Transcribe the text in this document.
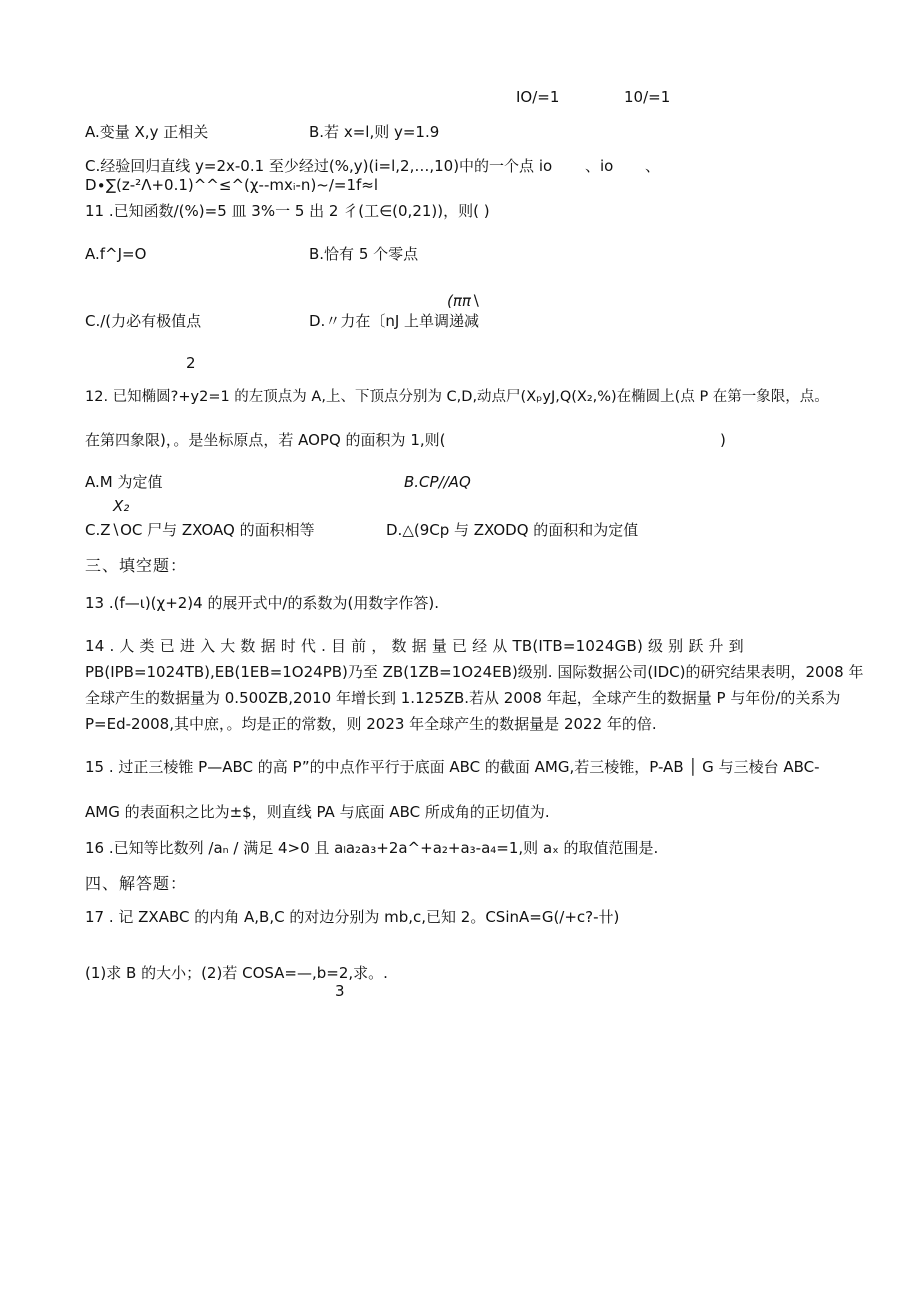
IO/=1	10/=1
A.变量 X,y 正相关	B.若 x=l,则 y=1.9
C.经验回归直线 y=2x-0.1 至少经过(%,y)(i=l,2,…,10)中的一个点 io 、io 、
D∙∑(z-²Λ+0.1)^^≤^(χ--mxᵢ-n)~/=1f≈l
11 .已知函数/(%)=5 皿 3%一 5 出 2 彳(工∈(0,21))，则( )
A.f^J=O	B.恰有 5 个零点
(ππ∖
C./(力必有极值点	D.〃力在〔nJ 上单调递减
2
12. 已知椭圆?+y2=1 的左顶点为 A,上、下顶点分别为 C,D,动点尸(XₚyJ,Q(X₂,%)在椭圆上(点 P 在第一象限，点。
在第四象限)，。是坐标原点，若 AOPQ 的面积为 1,则(	)
A.M 为定值	B.CP//AQ
X₂
C.Z∖OC 尸与 ZXOAQ 的面积相等	D.△(9Cp 与 ZXODQ 的面积和为定值
三、填空题：
13 .(f—ι)(χ+2)4 的展开式中/的系数为(用数字作答).
14 . 人 类 已 进 入 大 数 据 时 代 . 目 前 ， 数 据 量 已 经 从 TB(ITB=1024GB) 级 别 跃 升 到
PB(IPB=1024TB),EB(1EB=1O24PB)乃至 ZB(1ZB=1O24EB)级别. 国际数据公司(IDC)的研究结果表明，2008 年
全球产生的数据量为 0.500ZB,2010 年增长到 1.125ZB.若从 2008 年起，全球产生的数据量 P 与年份/的关系为
P=Ed-2008,其中庶，。均是正的常数，则 2023 年全球产生的数据量是 2022 年的倍.
15 . 过正三棱锥 P—ABC 的高 P”的中点作平行于底面 ABC 的截面 AMG,若三棱锥，P-AB │ G 与三棱台 ABC-
AMG 的表面积之比为±$，则直线 PA 与底面 ABC 所成角的正切值为.
16 .已知等比数列 /aₙ / 满足 4>0 且 aₗa₂a₃+2a^+a₂+a₃-a₄=1,则 aₓ 的取值范围是.
四、解答题：
17 . 记 ZXABC 的内角 A,B,C 的对边分别为 mb,c,已知 2。CSinA=G(/+c?-卄)
(1)求 B 的大小；(2)若 COSA=—,b=2,求。.
3
